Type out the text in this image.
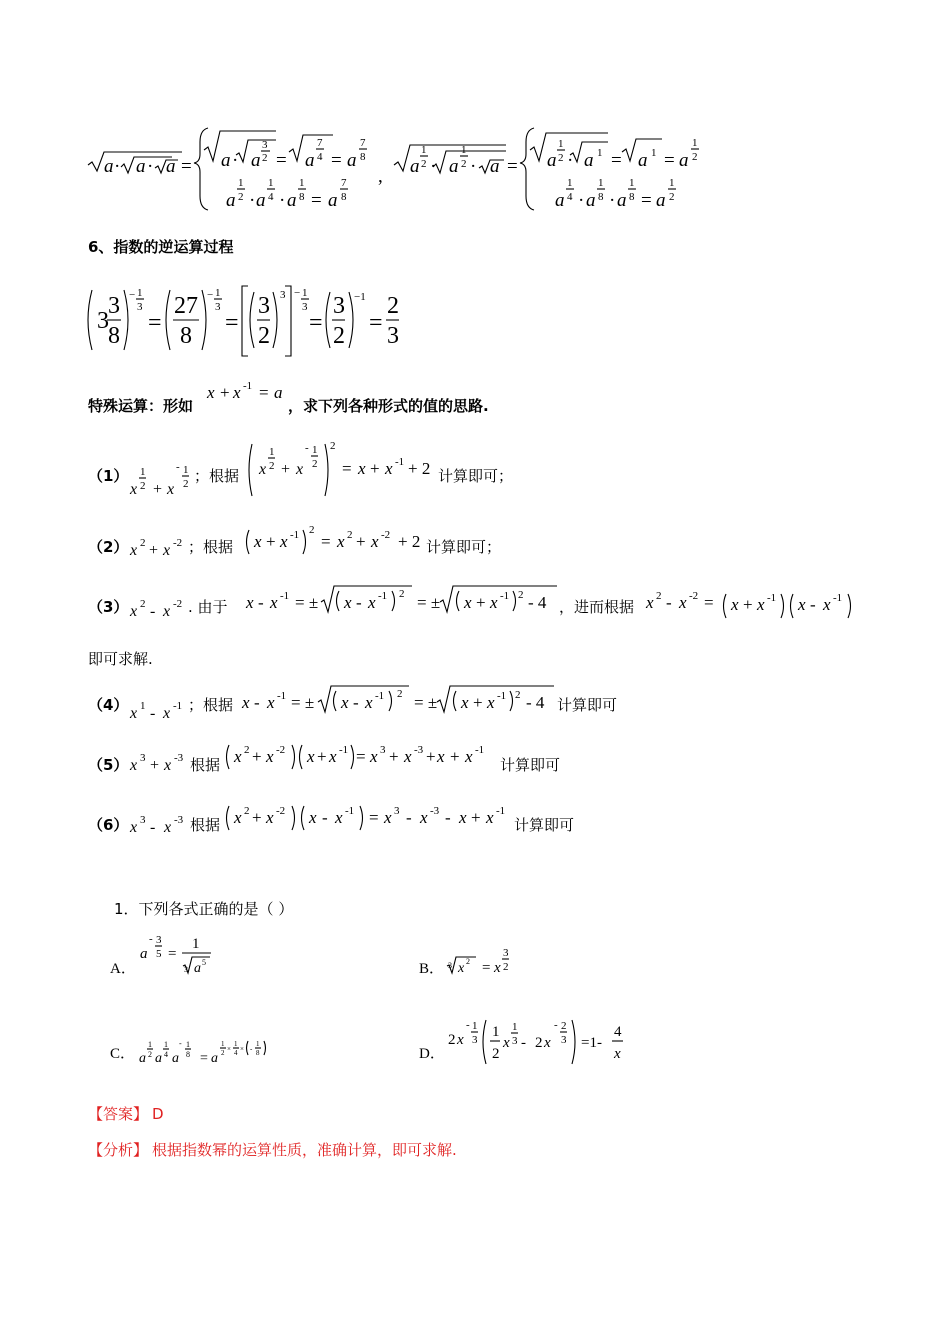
a · a · a = a · a
3
2 = a
7
4 = a
7
8
a
1
2 · a
1
4 · a
1
8 = a
7
8
, a
1
2 · a
1
2 · a = a
1
2 · a 1 = a 1 = a
1
2
a
1
4 · a
1
8 · a
1
8 = a
1
2
6、指数的逆运算过程
3
3
8
− 1
3
=
27
8
− 1
3
=
3
2
3 − 1
3
=
3
2
−1
=
2
3
特殊运算：形如
x + x -1 = a
，求下列各种形式的值的思路.
（1）
x
1
2 + x
- 1
2 ；根据 x
1
2 + x
- 1
2
2
= x + x -1 + 2 计算即可；
（2） x 2 + x -2 ；根据 x + x -1 2
= x 2 + x -2 + 2 计算即可；
（3） x 2 - x -2 . 由于 x - x -1 = ± x - x -1 2 = ± x + x -1 2 - 4 ，进而根据 x 2 - x -2 = x + x -1 x - x -1
即可求解.
（4） x 1 - x -1 ；根据 x - x -1 = ± x - x -1 2 = ± x + x -1 2 - 4 计算即可
（5） x 3 + x -3 根据 x 2 + x -2 x + x -1 = x 3 + x -3 + x + x -1
计算即可
（6） x 3 - x -3 根据 x 2 + x -2 x - x -1 = x 3 - x -3 - x + x -1
计算即可
1．下列各式正确的是（ ）
A．
a
- 3
5 =
1
3 a 5	B． 3 x 2 = x
3
2
C． a
1
2 a
1
4 a
- 1
8 = a
1
2 ×
1
4 × -
1
8	D．
2 x
- 1
3 1
2
x
1
3 - 2 x
- 2
3 =1-
4
x
【答案】 D
【分析】 根据指数幂的运算性质，准确计算，即可求解.
